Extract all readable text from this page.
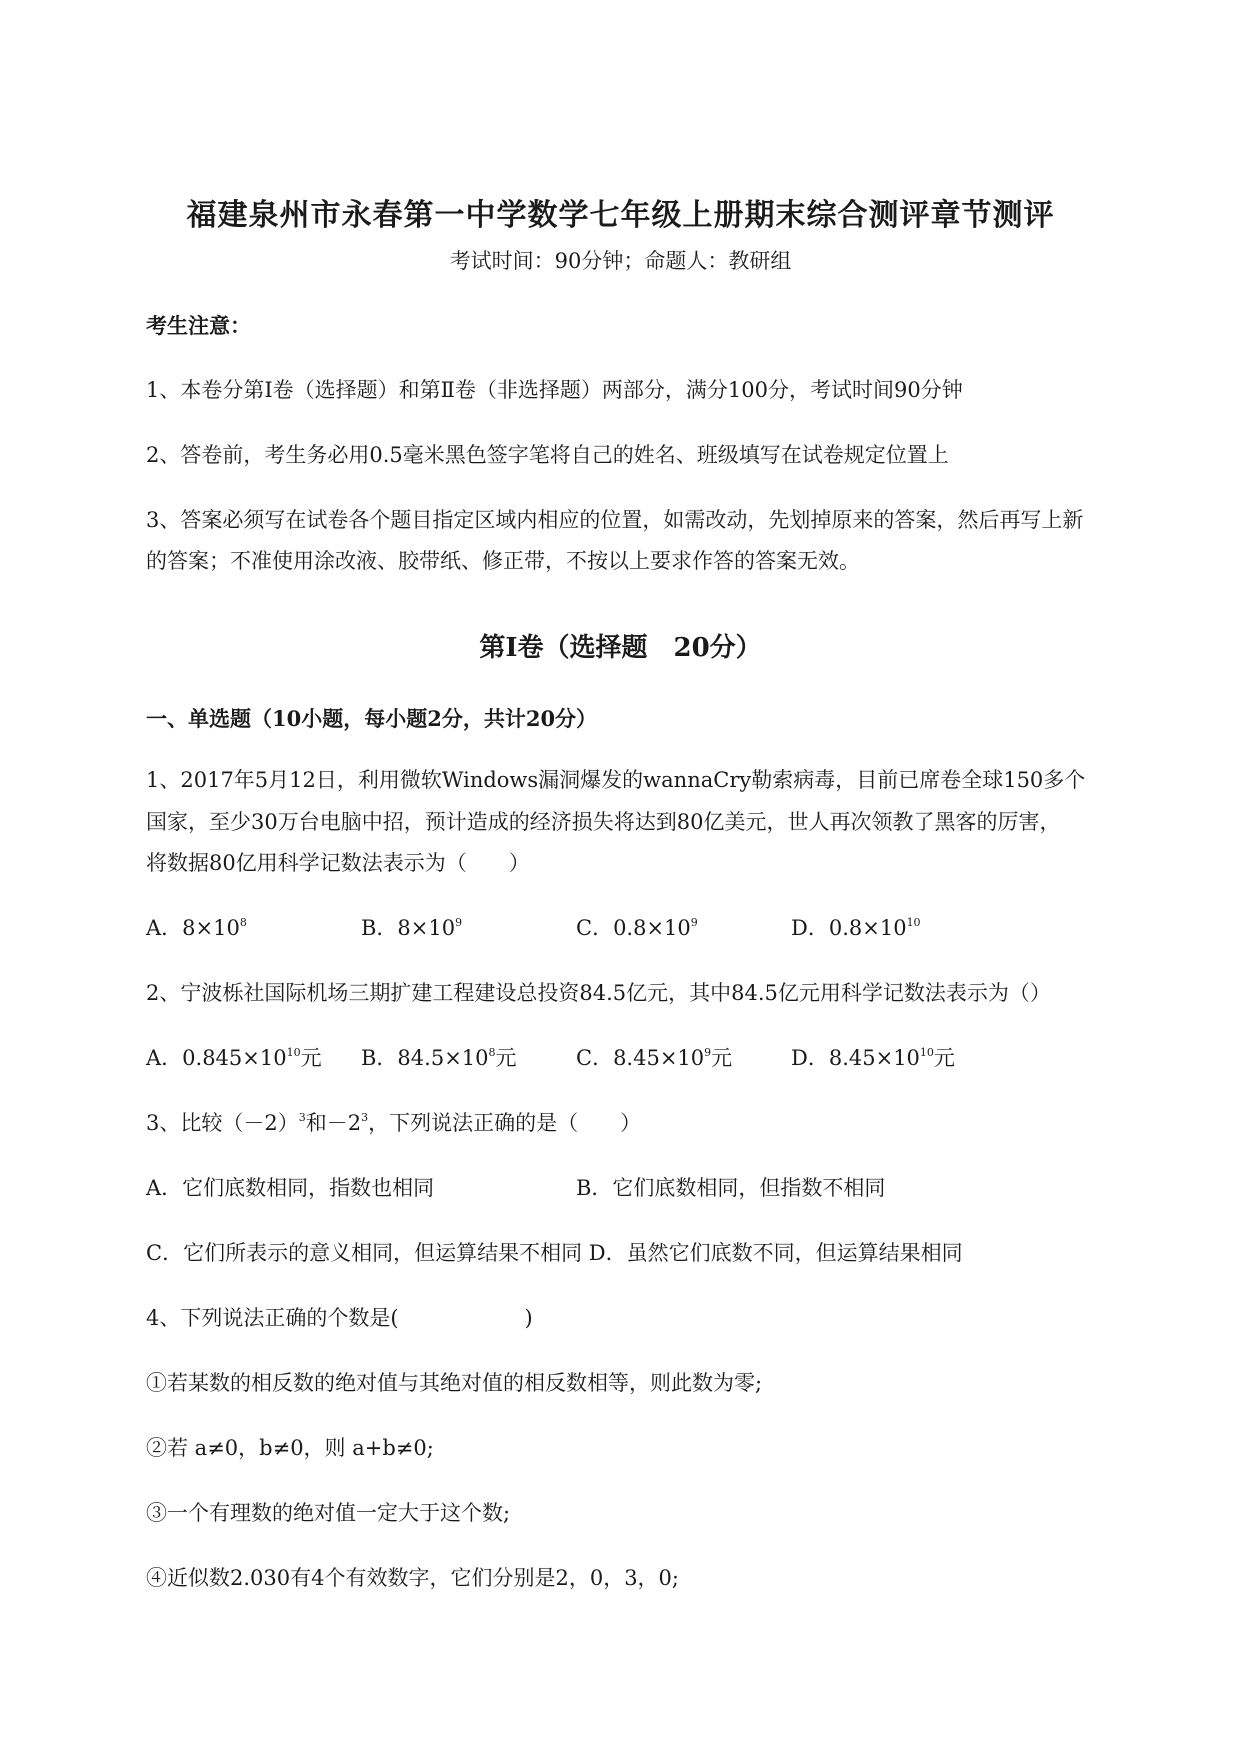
福建泉州市永春第一中学数学七年级上册期末综合测评章节测评
考试时间：90分钟；命题人：教研组
考生注意：
1、本卷分第I卷（选择题）和第Ⅱ卷（非选择题）两部分，满分100分，考试时间90分钟
2、答卷前，考生务必用0.5毫米黑色签字笔将自己的姓名、班级填写在试卷规定位置上
3、答案必须写在试卷各个题目指定区域内相应的位置，如需改动，先划掉原来的答案，然后再写上新
的答案；不准使用涂改液、胶带纸、修正带，不按以上要求作答的答案无效。
第I卷（选择题　20分）
一、单选题（10小题，每小题2分，共计20分）
1、2017年5月12日，利用微软Windows漏洞爆发的wannaCry勒索病毒，目前已席卷全球150多个
国家，至少30万台电脑中招，预计造成的经济损失将达到80亿美元，世人再次领教了黑客的厉害，
将数据80亿用科学记数法表示为（　　）
A．$8\times 10^8$	B．$8\times 10^9$	C．$0.8\times 10^9$	D．$0.8\times 10^{10}$
2、宁波栎社国际机场三期扩建工程建设总投资84.5亿元，其中84.5亿元用科学记数法表示为（）
A．$0.845\times 10^{10}$元 B．$84.5\times 10^8$元	C．$8.45\times 10^9$元	D．$8.45\times 10^{10}$元
3、比较$(-2)^3$和$-2^3$，下列说法正确的是（　　）
A．它们底数相同，指数也相同	B．它们底数相同，但指数不相同
C．它们所表示的意义相同，但运算结果不相同 D．虽然它们底数不同，但运算结果相同
4、下列说法正确的个数是(　　　　　　)
①若某数的相反数的绝对值与其绝对值的相反数相等，则此数为零;
②若 a≠0，b≠0，则 a+b≠0;
③一个有理数的绝对值一定大于这个数;
④近似数2.030有4个有效数字，它们分别是2，0，3，0;
